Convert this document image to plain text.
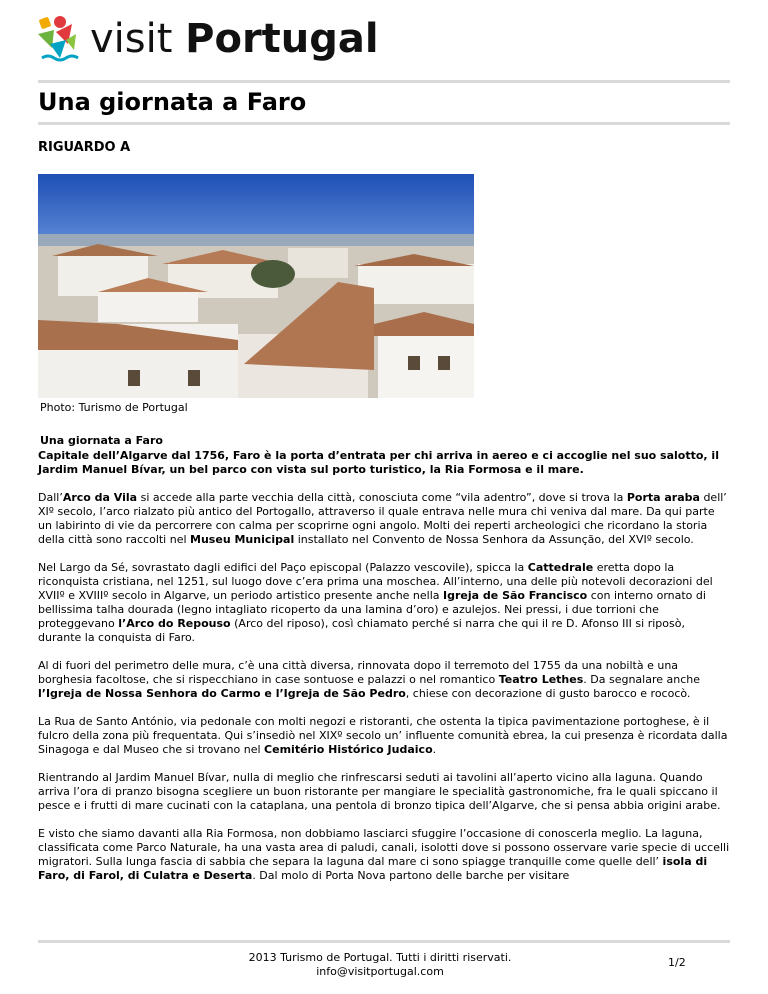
visit Portugal
Una giornata a Faro
RIGUARDO A
Photo: Turismo de Portugal
Una giornata a Faro

Capitale dell’Algarve dal 1756, Faro è la porta d’entrata per chi arriva in aereo e ci accoglie nel suo salotto, il Jardim Manuel Bívar, un bel parco con vista sul porto turistico, la Ria Formosa e il mare.

Dall’Arco da Vila si accede alla parte vecchia della città, conosciuta come “vila adentro”, dove si trova la Porta araba dell’ XIº secolo, l’arco rialzato più antico del Portogallo, attraverso il quale entrava nelle mura chi veniva dal mare. Da qui parte un labirinto di vie da percorrere con calma per scoprirne ogni angolo. Molti dei reperti archeologici che ricordano la storia della città sono raccolti nel Museu Municipal installato nel Convento de Nossa Senhora da Assunção, del XVIº secolo.

Nel Largo da Sé, sovrastato dagli edifici del Paço episcopal (Palazzo vescovile), spicca la Cattedrale eretta dopo la riconquista cristiana, nel 1251, sul luogo dove c’era prima una moschea. All’interno, una delle più notevoli decorazioni del XVIIº e XVIIIº secolo in Algarve, un periodo artistico presente anche nella Igreja de São Francisco con interno ornato di bellissima talha dourada (legno intagliato ricoperto da una lamina d’oro) e azulejos. Nei pressi, i due torrioni che proteggevano l’Arco do Repouso (Arco del riposo), così chiamato perché si narra che qui il re D. Afonso III si riposò, durante la conquista di Faro.

Al di fuori del perimetro delle mura, c’è una città diversa, rinnovata dopo il terremoto del 1755 da una nobiltà e una borghesia facoltose, che si rispecchiano in case sontuose e palazzi o nel romantico Teatro Lethes. Da segnalare anche l’Igreja de Nossa Senhora do Carmo e l’Igreja de São Pedro, chiese con decorazione di gusto barocco e rococò.

La Rua de Santo António, via pedonale con molti negozi e ristoranti, che ostenta la tipica pavimentazione portoghese, è il fulcro della zona più frequentata. Qui s’insediò nel XIXº secolo un’ influente comunità ebrea, la cui presenza è ricordata dalla Sinagoga e dal Museo che si trovano nel Cemitério Histórico Judaico.

Rientrando al Jardim Manuel Bívar, nulla di meglio che rinfrescarsi seduti ai tavolini all’aperto vicino alla laguna. Quando arriva l’ora di pranzo bisogna scegliere un buon ristorante per mangiare le specialità gastronomiche, fra le quali spiccano il pesce e i frutti di mare cucinati con la cataplana, una pentola di bronzo tipica dell’Algarve, che si pensa abbia origini arabe.

E visto che siamo davanti alla Ria Formosa, non dobbiamo lasciarci sfuggire l’occasione di conoscerla meglio. La laguna, classificata come Parco Naturale, ha una vasta area di paludi, canali, isolotti dove si possono osservare varie specie di uccelli migratori. Sulla lunga fascia di sabbia che separa la laguna dal mare ci sono spiagge tranquille come quelle dell’ isola di Faro, di Farol, di Culatra e Deserta. Dal molo di Porta Nova partono delle barche per visitare

2013 Turismo de Portugal. Tutti i diritti riservati.
info@visitportugal.com
1/2
